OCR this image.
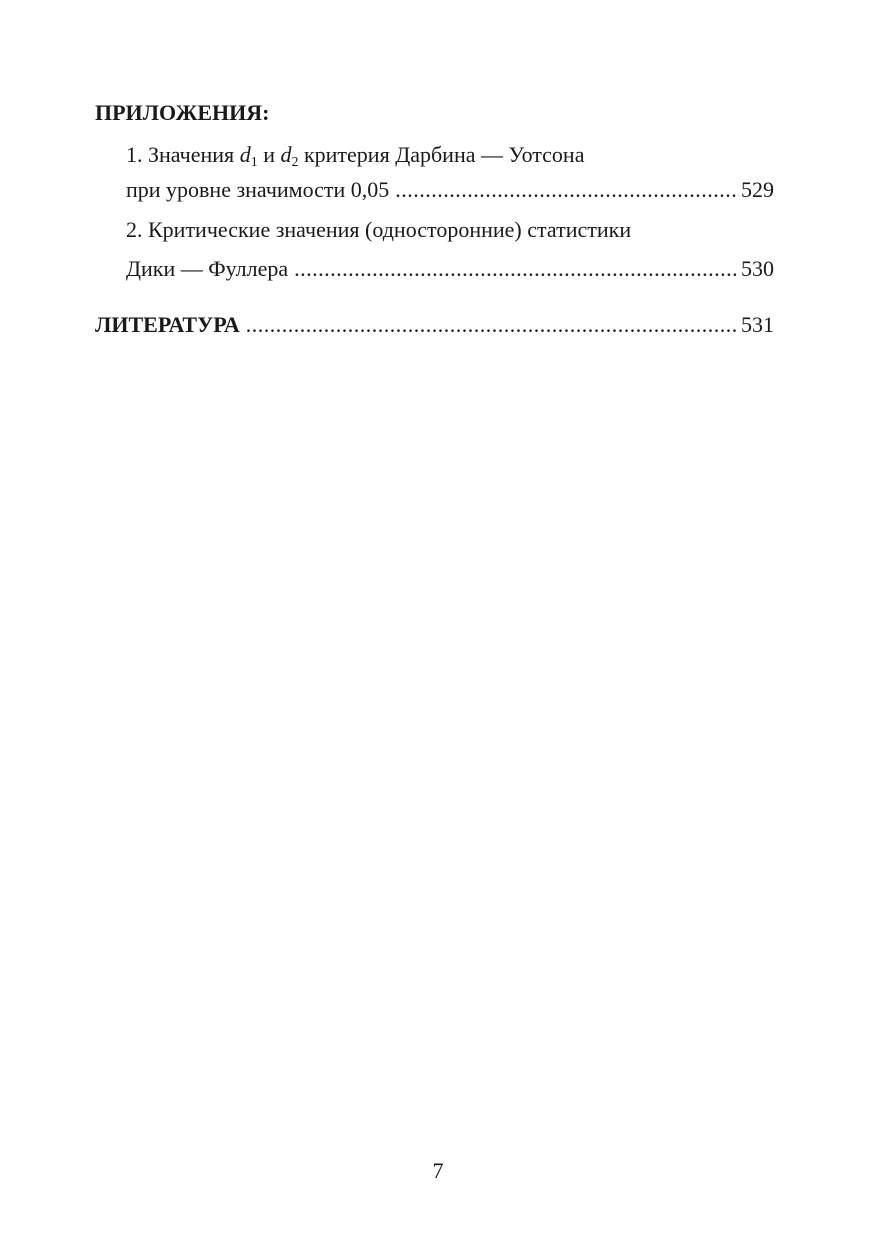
ПРИЛОЖЕНИЯ:
1. Значения $d_1$ и $d_2$ критерия Дарбина — Уотсона
при уровне значимости 0,05 .....	529
2. Критические значения (односторонние) статистики
Дики — Фуллера .....	530
ЛИТЕРАТУРА .....	531
7
